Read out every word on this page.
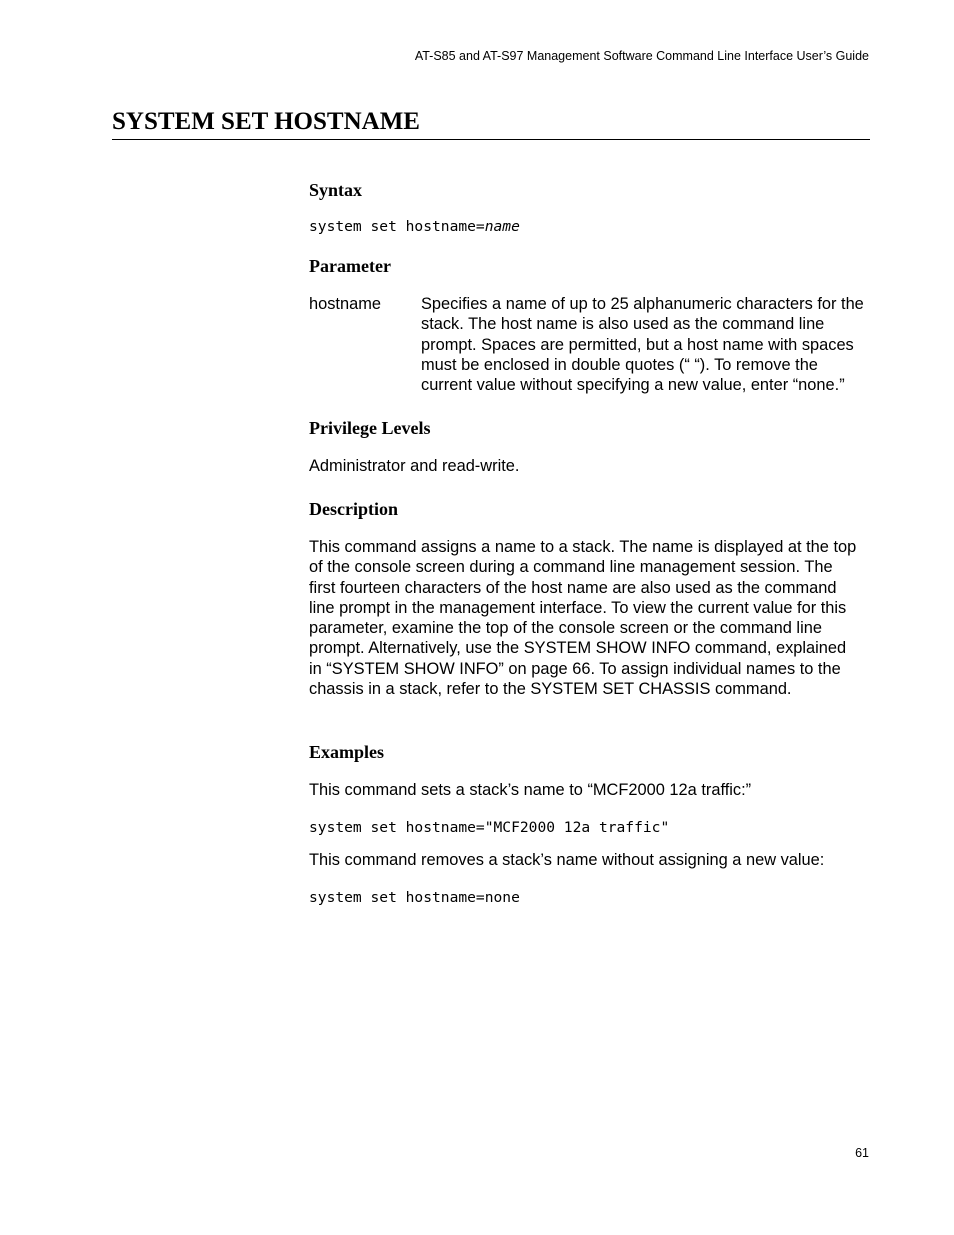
AT-S85 and AT-S97 Management Software Command Line Interface User’s Guide
SYSTEM SET HOSTNAME
Syntax
system set hostname=name
Parameter
hostname Specifies a name of up to 25 alphanumeric characters for the stack. The host name is also used as the command line prompt. Spaces are permitted, but a host name with spaces must be enclosed in double quotes (“ “). To remove the current value without specifying a new value, enter “none.”
Privilege Levels

Administrator and read-write.

Description

This command assigns a name to a stack. The name is displayed at the top of the console screen during a command line management session. The first fourteen characters of the host name are also used as the command line prompt in the management interface. To view the current value for this parameter, examine the top of the console screen or the command line prompt. Alternatively, use the SYSTEM SHOW INFO command, explained in “SYSTEM SHOW INFO” on page 66. To assign individual names to the chassis in a stack, refer to the SYSTEM SET CHASSIS command.

Examples

This command sets a stack’s name to “MCF2000 12a traffic:”

system set hostname="MCF2000 12a traffic"

This command removes a stack’s name without assigning a new value:

system set hostname=none
61
